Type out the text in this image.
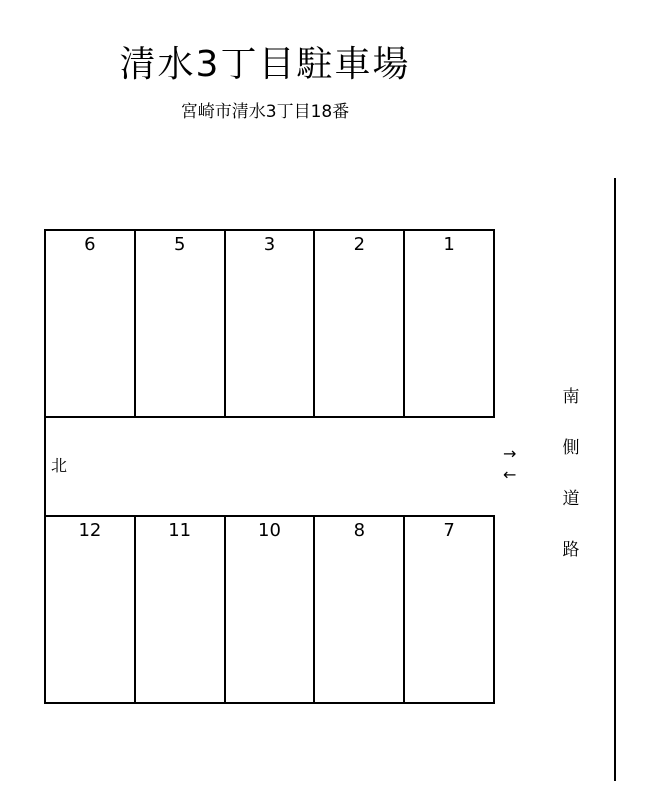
清水3丁目駐車場
宮崎市清水3丁目18番
6	5	3	2	1
北
→
←
12	11	10	8	7
南
側
道
路
